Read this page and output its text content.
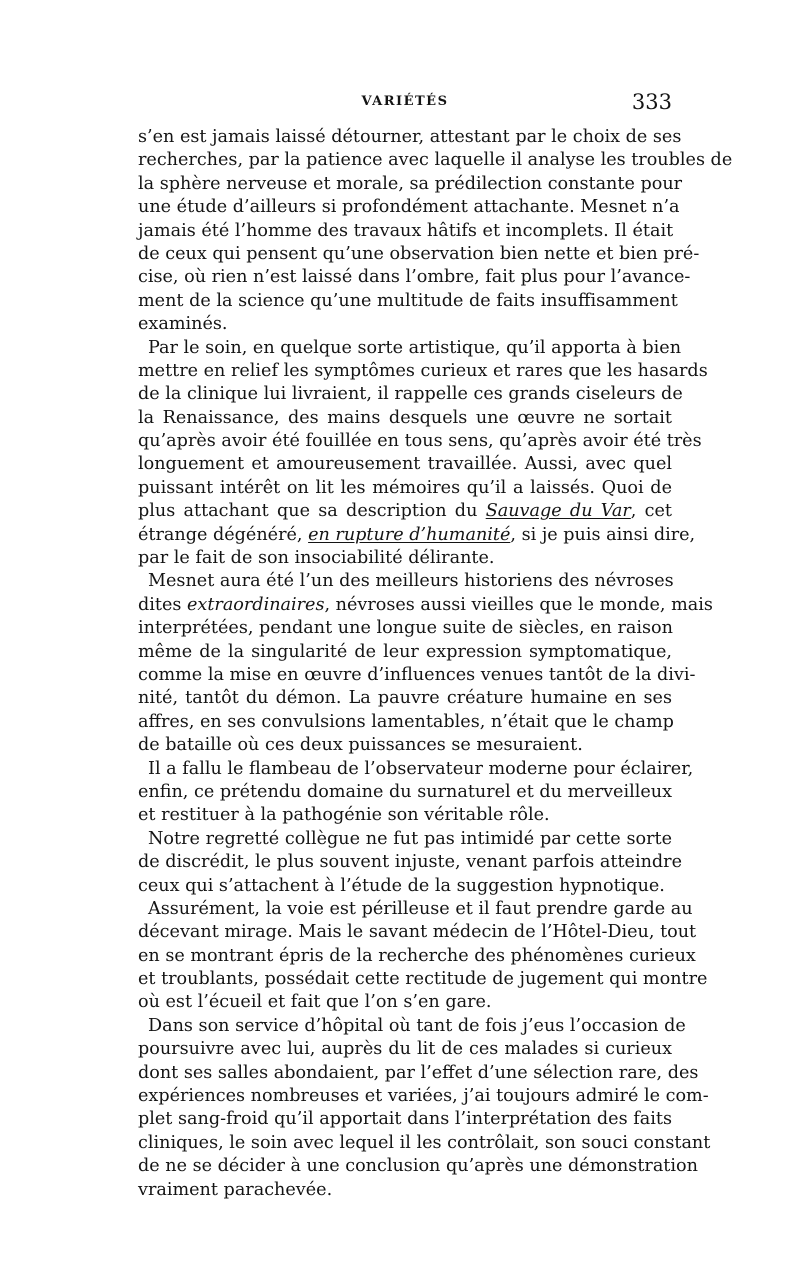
VARIÉTÉS	333
s’en est jamais laissé détourner, attestant par le choix de ses
recherches, par la patience avec laquelle il analyse les troubles de
la sphère nerveuse et morale, sa prédilection constante pour
une étude d’ailleurs si profondément attachante. Mesnet n’a
jamais été l’homme des travaux hâtifs et incomplets. Il était
de ceux qui pensent qu’une observation bien nette et bien pré-
cise, où rien n’est laissé dans l’ombre, fait plus pour l’avance-
ment de la science qu’une multitude de faits insuffisamment
examinés.
Par le soin, en quelque sorte artistique, qu’il apporta à bien
mettre en relief les symptômes curieux et rares que les hasards
de la clinique lui livraient, il rappelle ces grands ciseleurs de
la Renaissance, des mains desquels une œuvre ne sortait
qu’après avoir été fouillée en tous sens, qu’après avoir été très
longuement et amoureusement travaillée. Aussi, avec quel
puissant intérêt on lit les mémoires qu’il a laissés. Quoi de
plus attachant que sa description du Sauvage du Var, cet
étrange dégénéré, en rupture d’humanité, si je puis ainsi dire,
par le fait de son insociabilité délirante.
Mesnet aura été l’un des meilleurs historiens des névroses
dites extraordinaires, névroses aussi vieilles que le monde, mais
interprétées, pendant une longue suite de siècles, en raison
même de la singularité de leur expression symptomatique,
comme la mise en œuvre d’influences venues tantôt de la divi-
nité, tantôt du démon. La pauvre créature humaine en ses
affres, en ses convulsions lamentables, n’était que le champ
de bataille où ces deux puissances se mesuraient.
Il a fallu le flambeau de l’observateur moderne pour éclairer,
enfin, ce prétendu domaine du surnaturel et du merveilleux
et restituer à la pathogénie son véritable rôle.
Notre regretté collègue ne fut pas intimidé par cette sorte
de discrédit, le plus souvent injuste, venant parfois atteindre
ceux qui s’attachent à l’étude de la suggestion hypnotique.
Assurément, la voie est périlleuse et il faut prendre garde au
décevant mirage. Mais le savant médecin de l’Hôtel-Dieu, tout
en se montrant épris de la recherche des phénomènes curieux
et troublants, possédait cette rectitude de jugement qui montre
où est l’écueil et fait que l’on s’en gare.
Dans son service d’hôpital où tant de fois j’eus l’occasion de
poursuivre avec lui, auprès du lit de ces malades si curieux
dont ses salles abondaient, par l’effet d’une sélection rare, des
expériences nombreuses et variées, j’ai toujours admiré le com-
plet sang-froid qu’il apportait dans l’interprétation des faits
cliniques, le soin avec lequel il les contrôlait, son souci constant
de ne se décider à une conclusion qu’après une démonstration
vraiment parachevée.
